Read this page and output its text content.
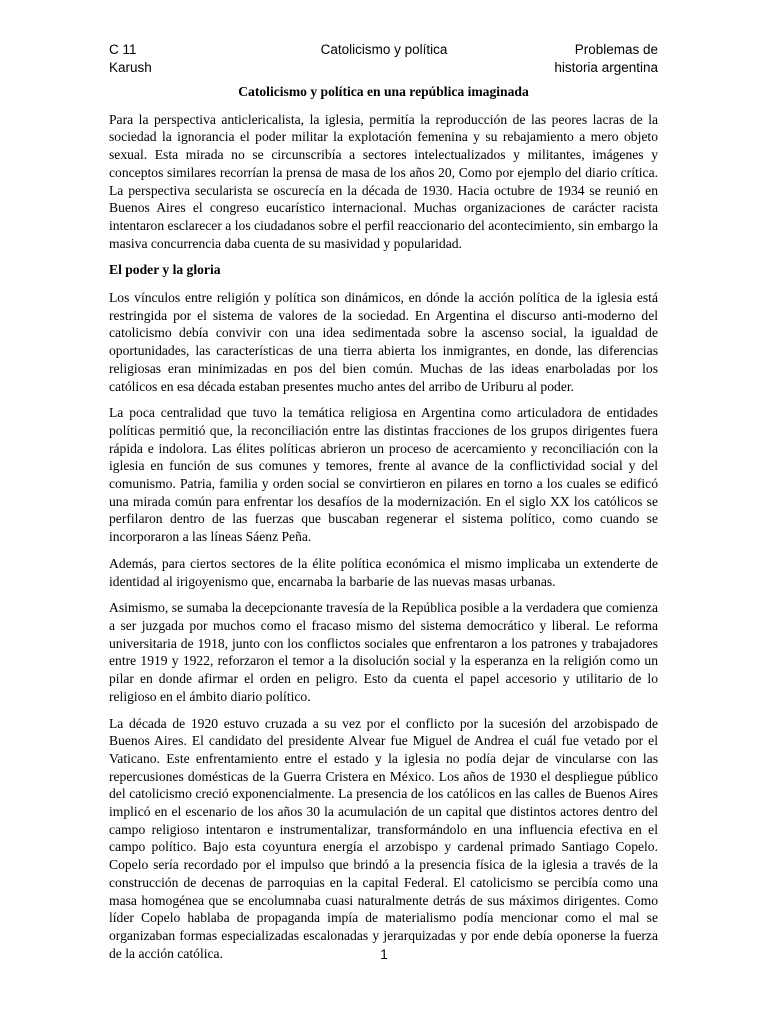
C 11
Karush
Catolicismo y política	Problemas de
historia argentina
Catolicismo y política en una república imaginada

Para la perspectiva anticlericalista, la iglesia, permitía la reproducción de las peores lacras de la sociedad la ignorancia el poder militar la explotación femenina y su rebajamiento a mero objeto sexual. Esta mirada no se circunscribía a sectores intelectualizados y militantes, imágenes y conceptos similares recorrían la prensa de masa de los años 20, Como por ejemplo del diario crítica. La perspectiva secularista se oscurecía en la década de 1930. Hacia octubre de 1934 se reunió en Buenos Aires el congreso eucarístico internacional. Muchas organizaciones de carácter racista intentaron esclarecer a los ciudadanos sobre el perfil reaccionario del acontecimiento, sin embargo la masiva concurrencia daba cuenta de su masividad y popularidad.

El poder y la gloria

Los vínculos entre religión y política son dinámicos, en dónde la acción política de la iglesia está restringida por el sistema de valores de la sociedad. En Argentina el discurso anti-moderno del catolicismo debía convivir con una idea sedimentada sobre la ascenso social, la igualdad de oportunidades, las características de una tierra abierta los inmigrantes, en donde, las diferencias religiosas eran minimizadas en pos del bien común. Muchas de las ideas enarboladas por los católicos en esa década estaban presentes mucho antes del arribo de Uriburu al poder.

La poca centralidad que tuvo la temática religiosa en Argentina como articuladora de entidades políticas permitió que, la reconciliación entre las distintas fracciones de los grupos dirigentes fuera rápida e indolora. Las élites políticas abrieron un proceso de acercamiento y reconciliación con la iglesia en función de sus comunes y temores, frente al avance de la conflictividad social y del comunismo. Patria, familia y orden social se convirtieron en pilares en torno a los cuales se edificó una mirada común para enfrentar los desafíos de la modernización. En el siglo XX los católicos se perfilaron dentro de las fuerzas que buscaban regenerar el sistema político, como cuando se incorporaron a las líneas Sáenz Peña.

Además, para ciertos sectores de la élite política económica el mismo implicaba un extenderte de identidad al irigoyenismo que, encarnaba la barbarie de las nuevas masas urbanas.

Asimismo, se sumaba la decepcionante travesía de la República posible a la verdadera que comienza a ser juzgada por muchos como el fracaso mismo del sistema democrático y liberal. Le reforma universitaria de 1918, junto con los conflictos sociales que enfrentaron a los patrones y trabajadores entre 1919 y 1922, reforzaron el temor a la disolución social y la esperanza en la religión como un pilar en donde afirmar el orden en peligro. Esto da cuenta el papel accesorio y utilitario de lo religioso en el ámbito diario político.

La década de 1920 estuvo cruzada a su vez por el conflicto por la sucesión del arzobispado de Buenos Aires. El candidato del presidente Alvear fue Miguel de Andrea el cuál fue vetado por el Vaticano. Este enfrentamiento entre el estado y la iglesia no podía dejar de vincularse con las repercusiones domésticas de la Guerra Cristera en México. Los años de 1930 el despliegue público del catolicismo creció exponencialmente. La presencia de los católicos en las calles de Buenos Aires implicó en el escenario de los años 30 la acumulación de un capital que distintos actores dentro del campo religioso intentaron e instrumentalizar, transformándolo en una influencia efectiva en el campo político. Bajo esta coyuntura energía el arzobispo y cardenal primado Santiago Copelo. Copelo sería recordado por el impulso que brindó a la presencia física de la iglesia a través de la construcción de decenas de parroquias en la capital Federal. El catolicismo se percibía como una masa homogénea que se encolumnaba cuasi naturalmente detrás de sus máximos dirigentes. Como líder Copelo hablaba de propaganda impía de materialismo podía mencionar como el mal se organizaban formas especializadas escalonadas y jerarquizadas y por ende debía oponerse la fuerza de la acción católica.	1
